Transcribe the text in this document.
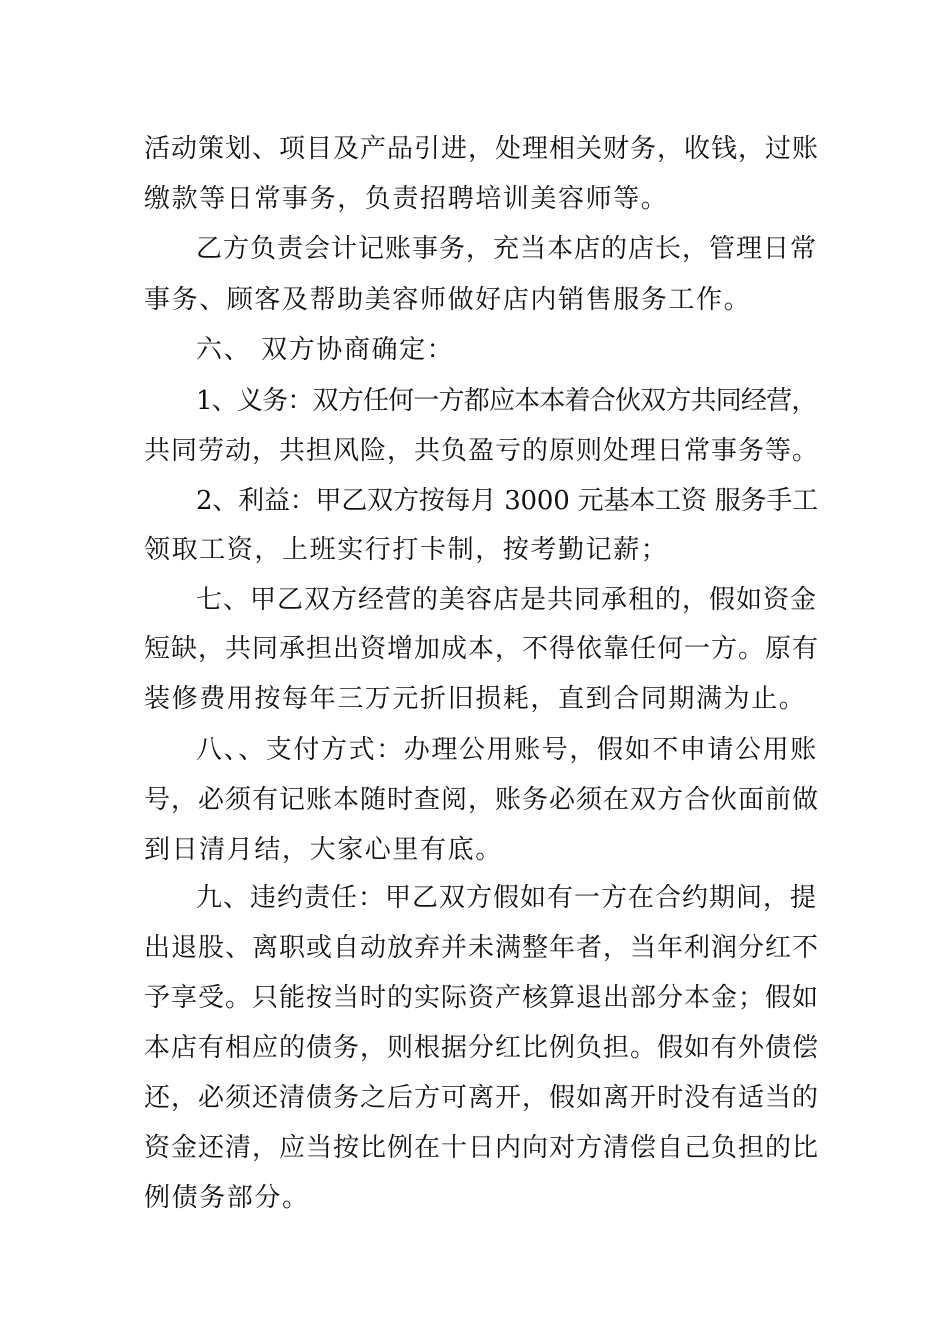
活动策划、项目及产品引进，处理相关财务，收钱，过账
缴款等日常事务，负责招聘培训美容师等。
乙方负责会计记账事务，充当本店的店长，管理日常
事务、顾客及帮助美容师做好店内销售服务工作。
六、 双方协商确定：
1、义务：双方任何一方都应本本着合伙双方共同经营，
共同劳动，共担风险，共负盈亏的原则处理日常事务等。
2、利益：甲乙双方按每月 3000 元基本工资 服务手工
领取工资，上班实行打卡制，按考勤记薪；
七、甲乙双方经营的美容店是共同承租的，假如资金
短缺，共同承担出资增加成本，不得依靠任何一方。原有
装修费用按每年三万元折旧损耗，直到合同期满为止。
八、、支付方式：办理公用账号，假如不申请公用账
号，必须有记账本随时查阅，账务必须在双方合伙面前做
到日清月结，大家心里有底。
九、违约责任：甲乙双方假如有一方在合约期间，提
出退股、离职或自动放弃并未满整年者，当年利润分红不
予享受。只能按当时的实际资产核算退出部分本金；假如
本店有相应的债务，则根据分红比例负担。假如有外债偿
还，必须还清债务之后方可离开，假如离开时没有适当的
资金还清，应当按比例在十日内向对方清偿自己负担的比
例债务部分。
